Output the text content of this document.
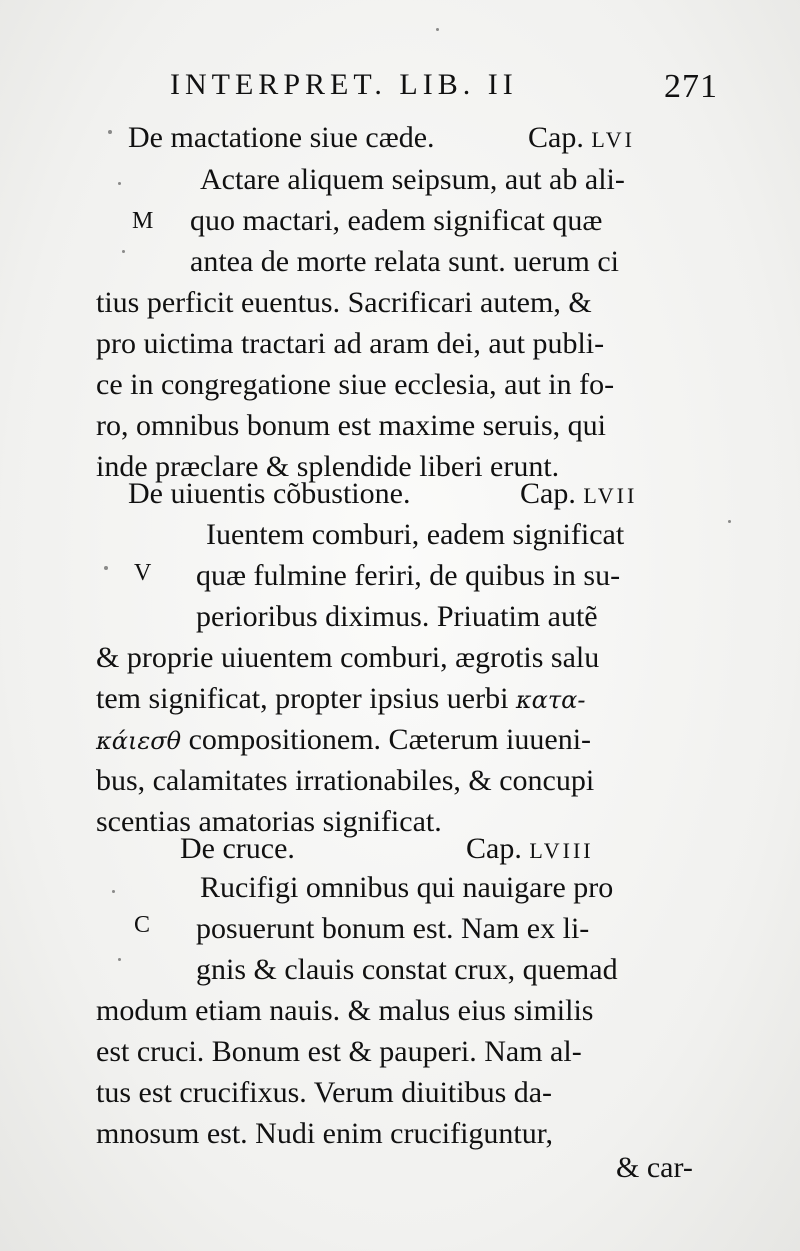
INTERPRET. LIB. II	271
De mactatione siue cæde.	Cap. LVI
M
Actare aliquem seipsum, aut ab ali-
quo mactari, eadem significat quæ
antea de morte relata sunt. uerum ci
tius perficit euentus. Sacrificari autem, &
pro uictima tractari ad aram dei, aut publi-
ce in congregatione siue ecclesia, aut in fo-
ro, omnibus bonum est maxime seruis, qui
inde præclare & splendide liberi erunt.
De uiuentis cõbustione.	Cap. LVII
V
Iuentem comburi, eadem significat
quæ fulmine feriri, de quibus in su-
perioribus diximus. Priuatim autẽ
& proprie uiuentem comburi, ægrotis salu
tem significat, propter ipsius uerbi κατα-
κάιεσθ compositionem. Cæterum iuueni-
bus, calamitates irrationabiles, & concupi
scentias amatorias significat.
De cruce.	Cap. LVIII
C
Rucifigi omnibus qui nauigare pro
posuerunt bonum est. Nam ex li-
gnis & clauis constat crux, quemad
modum etiam nauis. & malus eius similis
est cruci. Bonum est & pauperi. Nam al-
tus est crucifixus. Verum diuitibus da-
mnosum est. Nudi enim crucifiguntur,
& car-
